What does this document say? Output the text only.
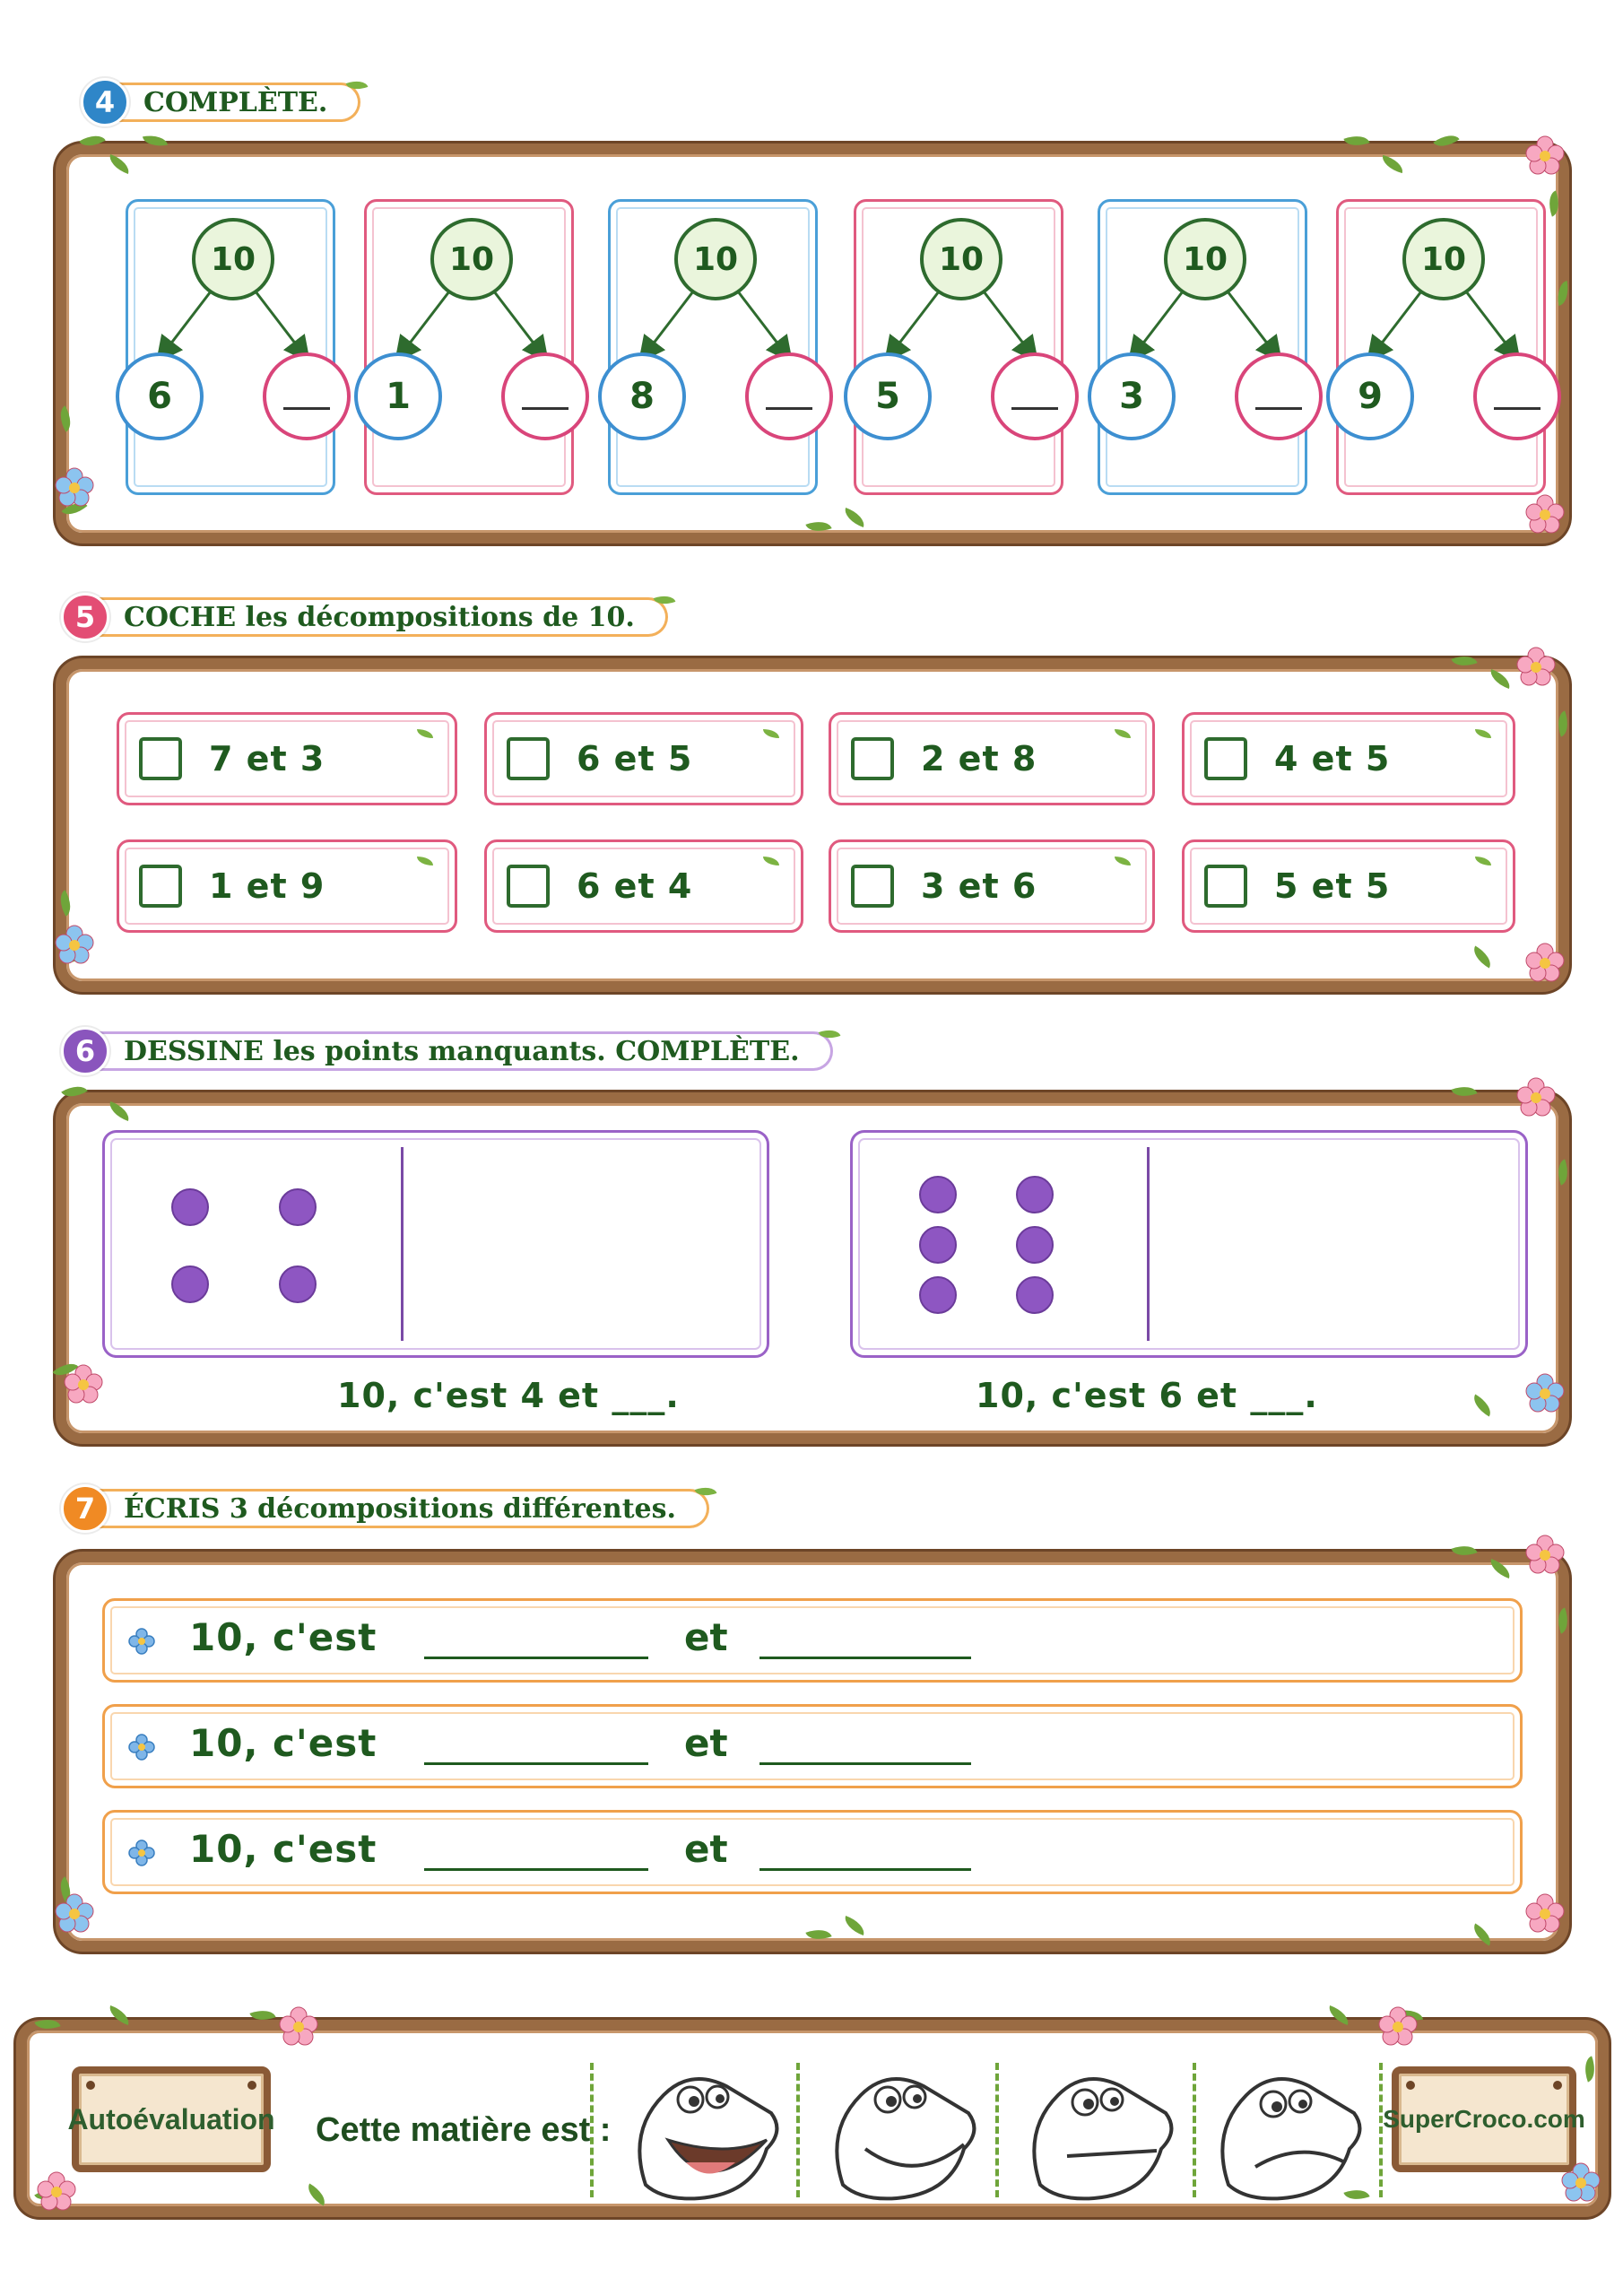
4	COMPLÈTE.
10
6
10
1
10
8
10
5
10
3
10
9
5	COCHE les décompositions de 10.
7 et 3	6 et 5	2 et 8	4 et 5
1 et 9	6 et 4	3 et 6	5 et 5
6	DESSINE les points manquants. COMPLÈTE.
10, c'est 4 et ___.	10, c'est 6 et ___.
7	ÉCRIS 3 décompositions différentes.
10, c'est	et
10, c'est	et
10, c'est	et
Autoévaluation Cette matière est :	SuperCroco.com
